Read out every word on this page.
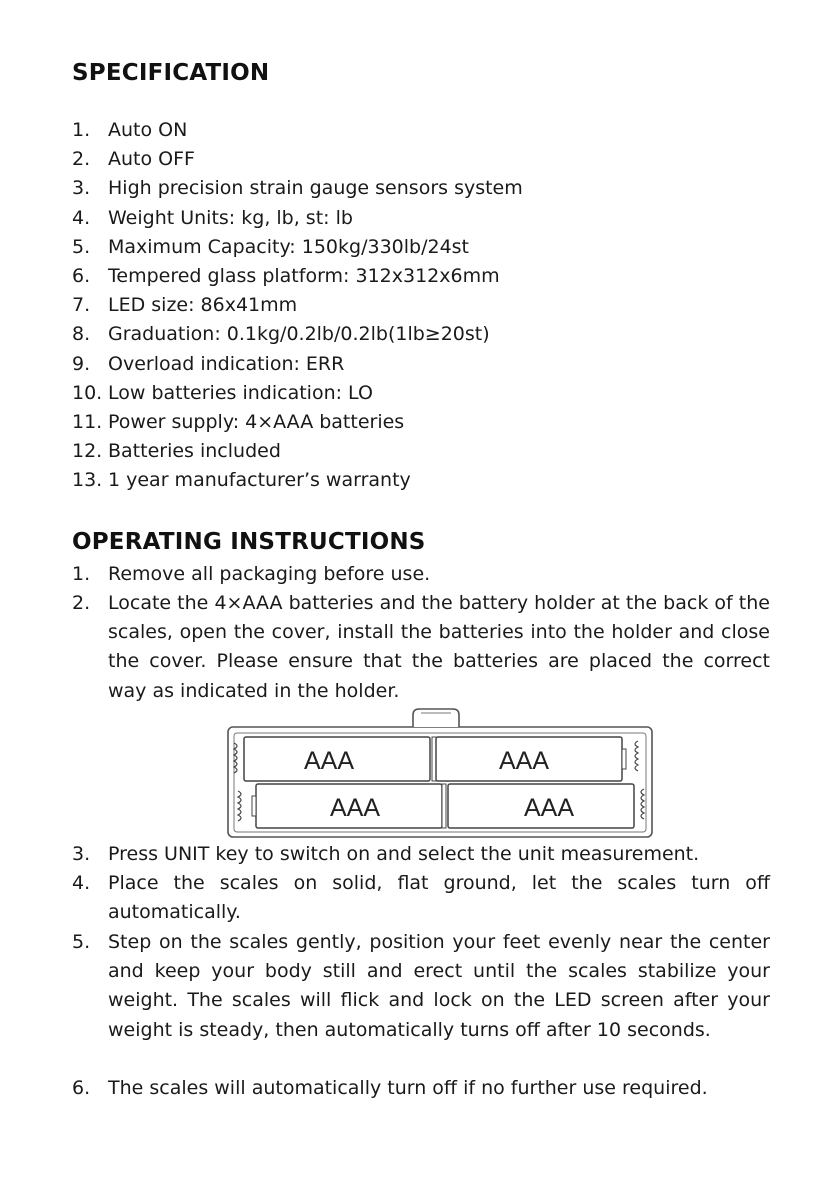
SPECIFICATION
1. Auto ON
2. Auto OFF
3. High precision strain gauge sensors system
4. Weight Units: kg, lb, st: lb
5. Maximum Capacity: 150kg/330lb/24st
6. Tempered glass platform: 312x312x6mm
7. LED size: 86x41mm
8. Graduation: 0.1kg/0.2lb/0.2lb(1lb≥20st)
9. Overload indication: ERR
10. Low batteries indication: LO
11. Power supply: 4×AAA batteries
12. Batteries included
13. 1 year manufacturer’s warranty
OPERATING INSTRUCTIONS
1. Remove all packaging before use.
2. Locate the 4×AAA batteries and the battery holder at the back of the scales, open the cover, install the batteries into the holder and close the cover. Please ensure that the batteries are placed the correct way as indicated in the holder.
3. Press UNIT key to switch on and select the unit measurement.
4. Place the scales on solid, flat ground, let the scales turn off automatically.
5. Step on the scales gently, position your feet evenly near the center and keep your body still and erect until the scales stabilize your weight. The scales will flick and lock on the LED screen after your weight is steady, then automatically turns off after 10 seconds.
6. The scales will automatically turn off if no further use required.
AAA	AAA
AAA	AAA
